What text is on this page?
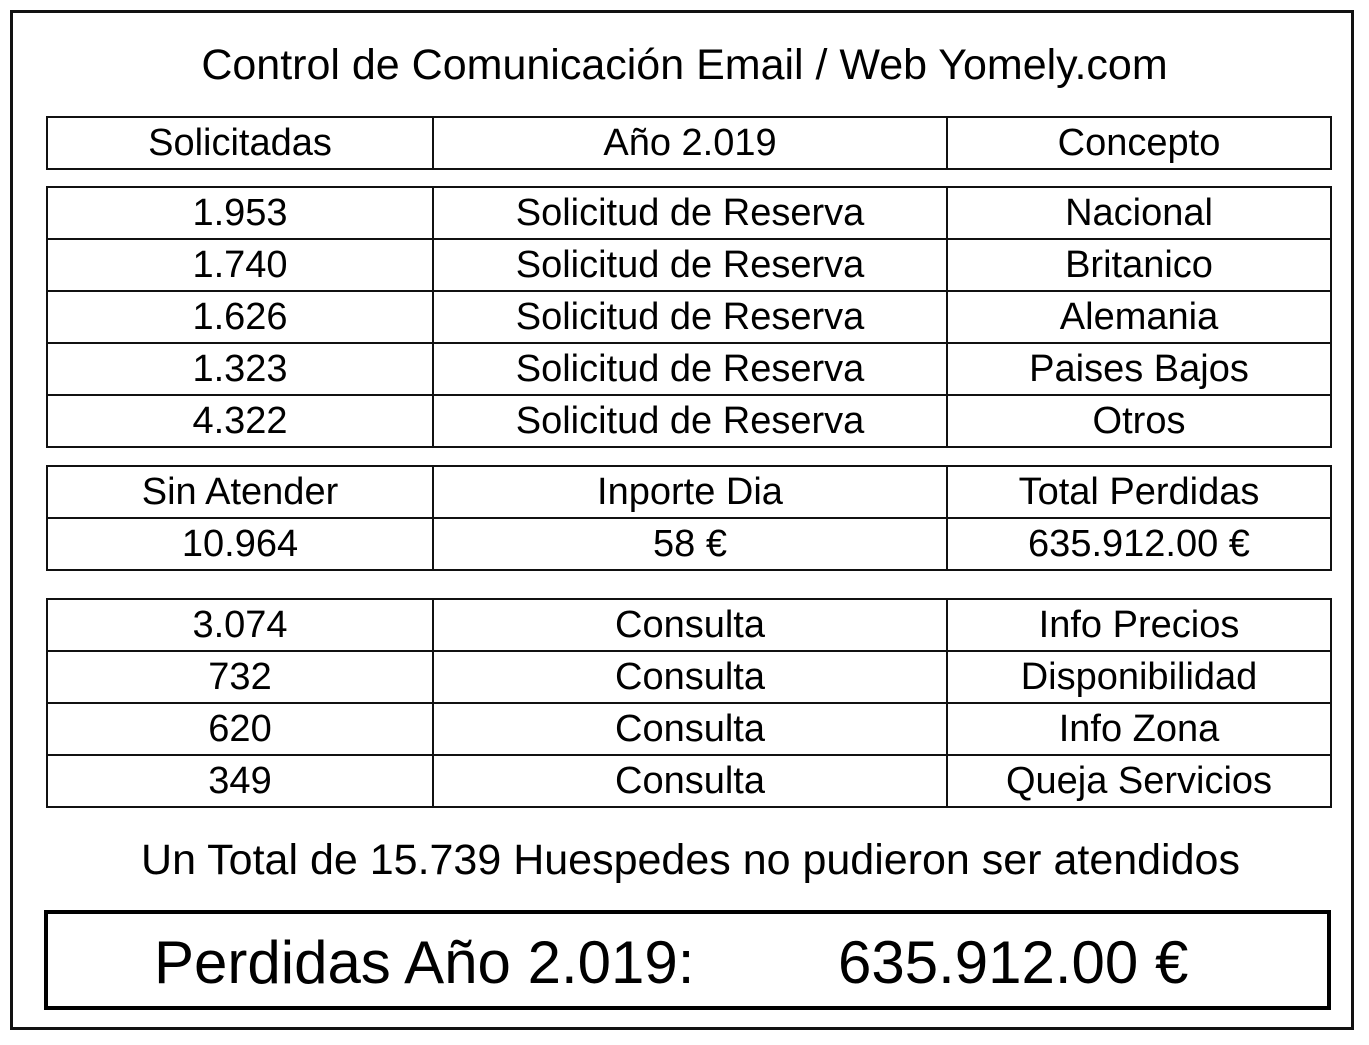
Control de Comunicación Email / Web Yomely.com
Solicitadas	Año 2.019	Concepto
1.953	Solicitud de Reserva	Nacional
1.740	Solicitud de Reserva	Britanico
1.626	Solicitud de Reserva	Alemania
1.323	Solicitud de Reserva	Paises Bajos
4.322	Solicitud de Reserva	Otros
Sin Atender	Inporte Dia	Total Perdidas
10.964	58 €	635.912.00 €
3.074	Consulta	Info Precios
732	Consulta	Disponibilidad
620	Consulta	Info Zona
349	Consulta	Queja Servicios
Un Total de 15.739 Huespedes no pudieron ser atendidos
Perdidas Año 2.019: 635.912.00 €
